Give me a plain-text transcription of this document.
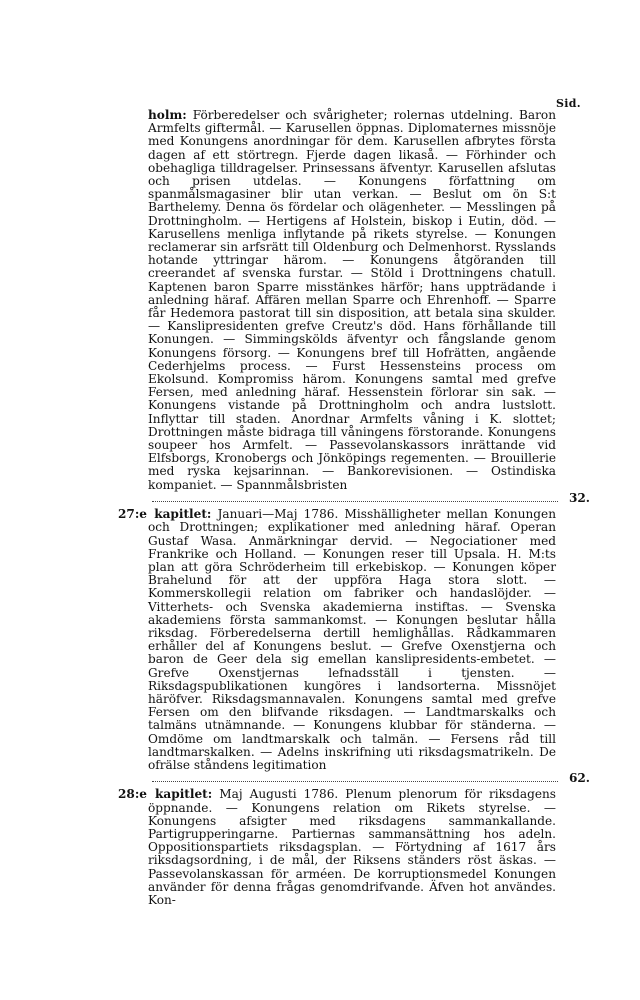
Sid.

holm: Förberedelser och svårigheter; rolernas utdelning. Baron Armfelts giftermål. — Karusellen öppnas. Diplomaternes missnöje med Konungens anordningar för dem. Karusellen afbrytes första dagen af ett störtregn. Fjerde dagen likaså. — Förhinder och obehagliga tilldragelser. Prinsessans äfventyr. Karusellen afslutas och prisen utdelas. — Konungens författning om spanmålsmagasiner blir utan verkan. — Beslut om ön S:t Barthelemy. Denna ös fördelar och olägenheter. — Messlingen på Drottningholm. — Hertigens af Holstein, biskop i Eutin, död. — Karusellens menliga inflytande på rikets styrelse. — Konungen reclamerar sin arfsrätt till Oldenburg och Delmenhorst. Rysslands hotande yttringar härom. — Konungens åtgöranden till creerandet af svenska furstar. — Stöld i Drottningens chatull. Kaptenen baron Sparre misstänkes härför; hans uppträdande i anledning häraf. Affären mellan Sparre och Ehrenhoff. — Sparre får Hedemora pastorat till sin disposition, att betala sina skulder. — Kanslipresidenten grefve Creutz's död. Hans förhållande till Konungen. — Simmingskölds äfventyr och fångslande genom Konungens försorg. — Konungens bref till Hofrätten, angående Cederhjelms process. — Furst Hessensteins process om Ekolsund. Kompromiss härom. Konungens samtal med grefve Fersen, med anledning häraf. Hessenstein förlorar sin sak. — Konungens vistande på Drottningholm och andra lustslott. Inflyttar till staden. Anordnar Armfelts våning i K. slottet; Drottningen måste bidraga till våningens förstorande. Konungens soupeer hos Armfelt. — Passevolanskassors inrättande vid Elfsborgs, Kronobergs och Jönköpings regementen. — Brouillerie med ryska kejsarinnan. — Bankorevisionen. — Ostindiska kompaniet. — Spannmålsbristen

32.

27:e kapitlet: Januari—Maj 1786. Misshälligheter mellan Konungen och Drottningen; explikationer med anledning häraf. Operan Gustaf Wasa. Anmärkningar dervid. — Negociationer med Frankrike och Holland. — Konungen reser till Upsala. H. M:ts plan att göra Schröderheim till erkebiskop. — Konungen köper Brahelund för att der uppföra Haga stora slott. — Kommerskollegii relation om fabriker och handaslöjder. — Vitterhets- och Svenska akademierna instiftas. — Svenska akademiens första sammankomst. — Konungen beslutar hålla riksdag. Förberedelserna dertill hemlighållas. Rådkammaren erhåller del af Konungens beslut. — Grefve Oxenstjerna och baron de Geer dela sig emellan kanslipresidents-embetet. — Grefve Oxenstjernas lefnadsställ i tjensten. — Riksdagspublikationen kungöres i landsorterna. Missnöjet häröfver. Riksdagsmannavalen. Konungens samtal med grefve Fersen om den blifvande riksdagen. — Landtmarskalks och talmäns utnämnande. — Konungens klubbar för ständerna. — Omdöme om landtmarskalk och talmän. — Fersens råd till landtmarskalken. — Adelns inskrifning uti riksdagsmatrikeln. De ofrälse ståndens legitimation

62.

28:e kapitlet: Maj Augusti 1786. Plenum plenorum för riksdagens öppnande. — Konungens relation om Rikets styrelse. — Konungens afsigter med riksdagens sammankallande. Partigrupperingarne. Partiernas sammansättning hos adeln. Oppositionspartiets riksdagsplan. — Förtydning af 1617 års riksdagsordning, i de mål, der Riksens ständers röst äskas. — Passevolanskassan för arméen. De korruptionsmedel Konungen använder för denna frågas genomdrifvande. Äfven hot användes. Kon-
